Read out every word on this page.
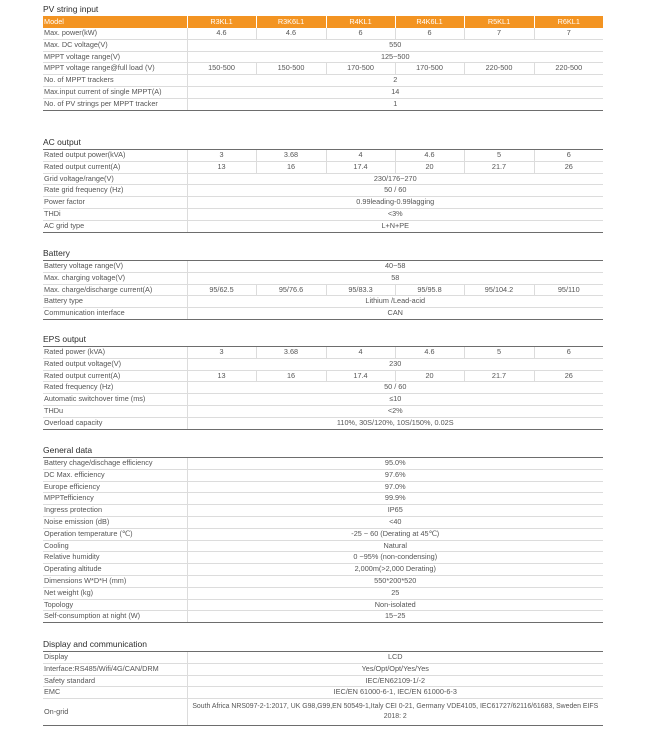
PV string input
Model	R3KL1	R3K6L1	R4KL1	R4K6L1	R5KL1	R6KL1
Max. power(kW)	4.6	4.6	6	6	7	7
Max. DC voltage(V)	550					
MPPT voltage range(V)	125~500					
MPPT voltage range@full load (V)	150-500	150-500	170-500	170-500	220-500	220-500
No. of MPPT trackers	2					
Max.input current of single MPPT(A)	14					
No. of PV strings per MPPT tracker	1					
AC output
Rated output power(kVA)	3	3.68	4	4.6	5	6
Rated output current(A)	13	16	17.4	20	21.7	26
Grid voltage/range(V)	230/176~270					
Rate grid frequency (Hz)	50 / 60					
Power factor	0.99leading-0.99lagging					
THDi	<3%					
AC grid type	L+N+PE					
Battery
Battery voltage range(V)	40~58					
Max. charging voltage(V)	58					
Max. charge/discharge current(A)	95/62.5	95/76.6	95/83.3	95/95.8	95/104.2	95/110
Battery type	Lithium /Lead-acid					
Communication interface	CAN					
EPS output
Rated power (kVA)	3	3.68	4	4.6	5	6
Rated output voltage(V)	230					
Rated output current(A)	13	16	17.4	20	21.7	26
Rated frequency (Hz)	50 / 60					
Automatic switchover time (ms)	≤10					
THDu	<2%					
Overload capacity	110%, 30S/120%, 10S/150%, 0.02S					
General data
Battery chage/dischage efficiency	95.0%
DC Max. efficiency	97.6%
Europe efficiency	97.0%
MPPTefficiency	99.9%
Ingress protection	IP65
Noise emission (dB)	<40
Operation temperature (℃)	-25 ~ 60 (Derating at 45℃)
Cooling	Natural
Relative humidity	0 ~95% (non-condensing)
Operating altitude	2,000m(>2,000 Derating)
Dimensions W*D*H (mm)	550*200*520
Net weight (kg)	25
Topology	Non-isolated
Self-consumption at night (W)	15~25
Display and communication
Display	LCD
Interface:RS485/Wifi/4G/CAN/DRM	Yes/Opt/Opt/Yes/Yes
Safety standard	IEC/EN62109-1/-2
EMC	IEC/EN 61000-6-1, IEC/EN 61000-6-3
On-grid	South Africa NRS097-2-1:2017, UK G98,G99,EN 50549-1,Italy CEI 0-21, Germany VDE4105, IEC61727/62116/61683, Sweden EIFS 2018: 2
